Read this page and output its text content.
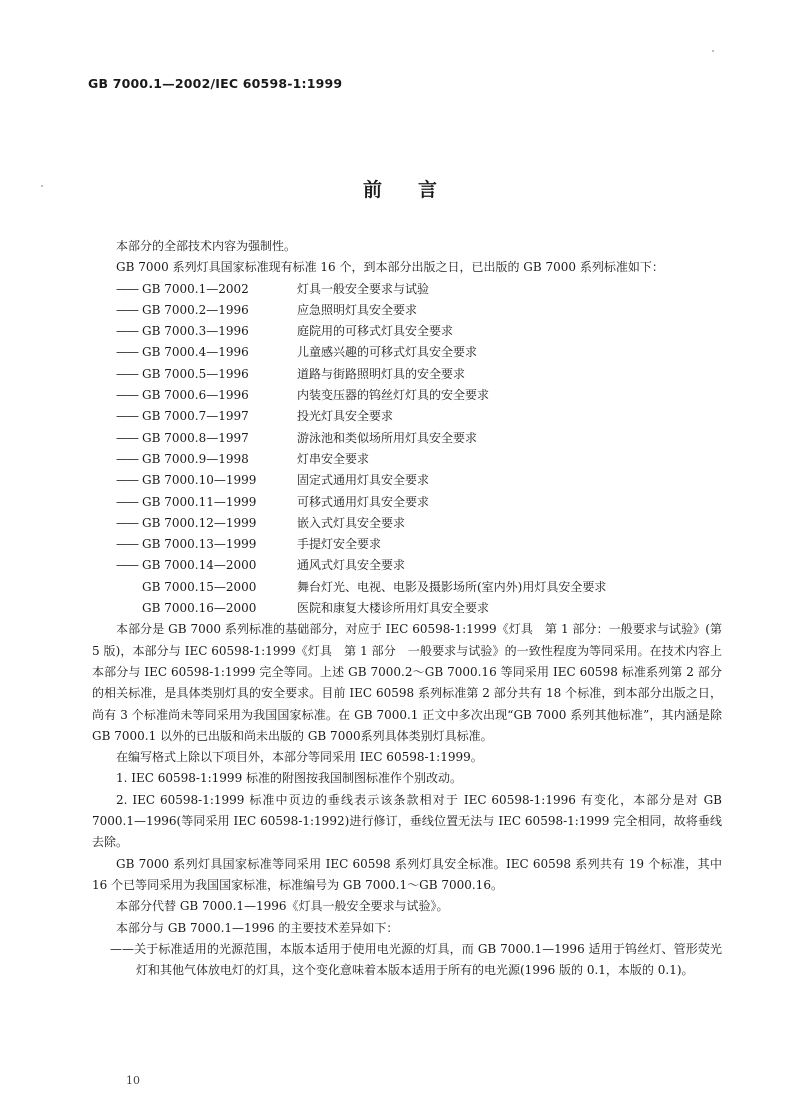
GB 7000.1—2002/IEC 60598-1:1999
前言

本部分的全部技术内容为强制性。

GB 7000 系列灯具国家标准现有标准 16 个，到本部分出版之日，已出版的 GB 7000 系列标准如下：

—— GB 7000.1—2002	灯具一般安全要求与试验
—— GB 7000.2—1996	应急照明灯具安全要求
—— GB 7000.3—1996	庭院用的可移式灯具安全要求
—— GB 7000.4—1996	儿童感兴趣的可移式灯具安全要求
—— GB 7000.5—1996	道路与街路照明灯具的安全要求
—— GB 7000.6—1996	内装变压器的钨丝灯灯具的安全要求
—— GB 7000.7—1997	投光灯具安全要求
—— GB 7000.8—1997	游泳池和类似场所用灯具安全要求
—— GB 7000.9—1998	灯串安全要求
—— GB 7000.10—1999	固定式通用灯具安全要求
—— GB 7000.11—1999	可移式通用灯具安全要求
—— GB 7000.12—1999	嵌入式灯具安全要求
—— GB 7000.13—1999	手提灯安全要求
—— GB 7000.14—2000	通风式灯具安全要求
GB 7000.15—2000	舞台灯光、电视、电影及摄影场所(室内外)用灯具安全要求
GB 7000.16—2000	医院和康复大楼诊所用灯具安全要求

本部分是 GB 7000 系列标准的基础部分，对应于 IEC 60598-1:1999《灯具　第 1 部分：一般要求与试验》(第 5 版)，本部分与 IEC 60598-1:1999《灯具　第 1 部分　一般要求与试验》的一致性程度为等同采用。在技术内容上本部分与 IEC 60598-1:1999 完全等同。上述 GB 7000.2～GB 7000.16 等同采用 IEC 60598 标准系列第 2 部分的相关标准，是具体类别灯具的安全要求。目前 IEC 60598 系列标准第 2 部分共有 18 个标准，到本部分出版之日，尚有 3 个标准尚未等同采用为我国国家标准。在 GB 7000.1 正文中多次出现“GB 7000 系列其他标准”，其内涵是除 GB 7000.1 以外的已出版和尚未出版的 GB 7000系列具体类别灯具标准。

在编写格式上除以下项目外，本部分等同采用 IEC 60598-1:1999。

1. IEC 60598-1:1999 标准的附图按我国制图标准作个别改动。

2. IEC 60598-1:1999 标准中页边的垂线表示该条款相对于 IEC 60598-1:1996 有变化，本部分是对 GB 7000.1—1996(等同采用 IEC 60598-1:1992)进行修订，垂线位置无法与 IEC 60598-1:1999 完全相同，故将垂线去除。

GB 7000 系列灯具国家标准等同采用 IEC 60598 系列灯具安全标准。IEC 60598 系列共有 19 个标准，其中 16 个已等同采用为我国国家标准，标准编号为 GB 7000.1～GB 7000.16。

本部分代替 GB 7000.1—1996《灯具一般安全要求与试验》。

本部分与 GB 7000.1—1996 的主要技术差异如下：

——关于标准适用的光源范围，本版本适用于使用电光源的灯具，而 GB 7000.1—1996 适用于钨丝灯、管形荧光灯和其他气体放电灯的灯具，这个变化意味着本版本适用于所有的电光源(1996 版的 0.1，本版的 0.1)。

10
